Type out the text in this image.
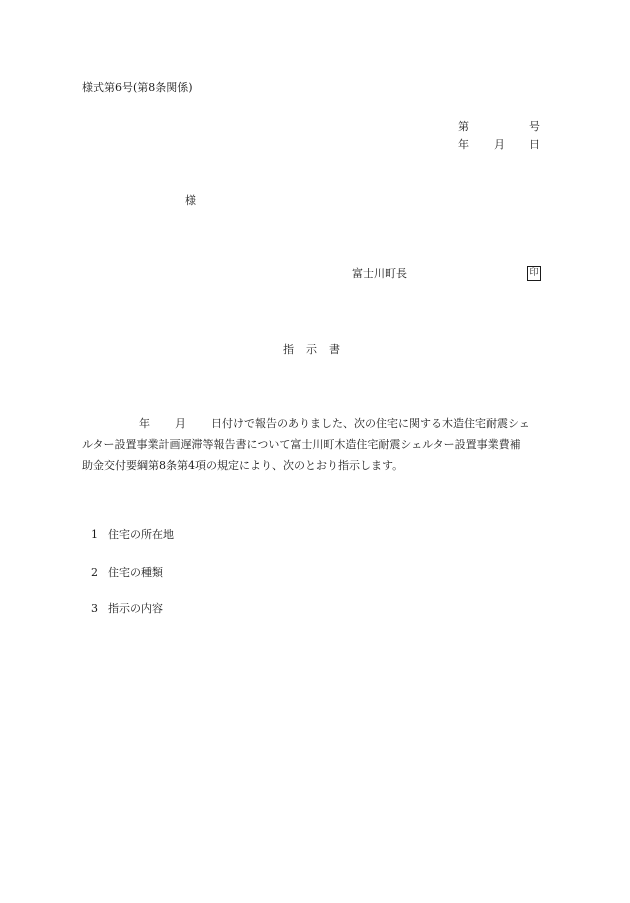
様式第6号(第8条関係)
第	号
年 月 日
様
富士川町長	印
指示書
年 月 日付けで報告のありました、次の住宅に関する木造住宅耐震シェ
ルター設置事業計画遅滞等報告書について富士川町木造住宅耐震シェルター設置事業費補
助金交付要綱第8条第4項の規定により、次のとおり指示します。
1 住宅の所在地
2 住宅の種類
3 指示の内容
